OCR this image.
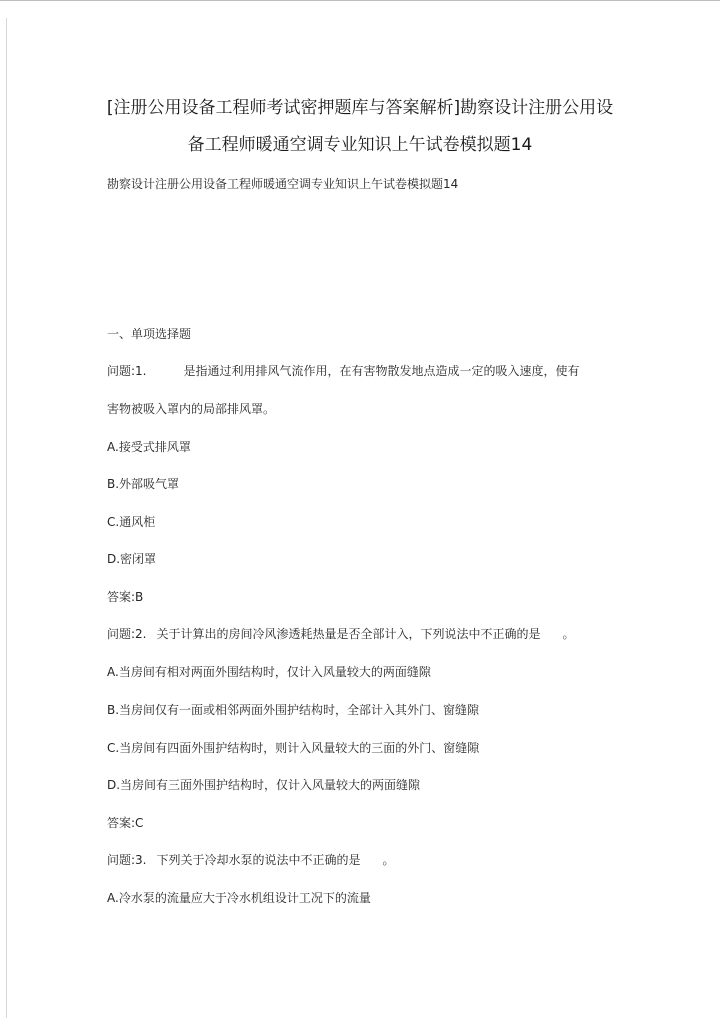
[注册公用设备工程师考试密押题库与答案解析]勘察设计注册公用设
备工程师暖通空调专业知识上午试卷模拟题14
勘察设计注册公用设备工程师暖通空调专业知识上午试卷模拟题14
一、单项选择题
问题:1.	是指通过利用排风气流作用，在有害物散发地点造成一定的吸入速度，使有
害物被吸入罩内的局部排风罩。
A.接受式排风罩
B.外部吸气罩
C.通风柜
D.密闭罩
答案:B
问题:2. 关于计算出的房间冷风渗透耗热量是否全部计入，下列说法中不正确的是 。
A.当房间有相对两面外围结构时，仅计入风量较大的两面缝隙
B.当房间仅有一面或相邻两面外围护结构时，全部计入其外门、窗缝隙
C.当房间有四面外围护结构时，则计入风量较大的三面的外门、窗缝隙
D.当房间有三面外围护结构时，仅计入风量较大的两面缝隙
答案:C
问题:3. 下列关于冷却水泵的说法中不正确的是 。
A.冷水泵的流量应大于冷水机组设计工况下的流量
